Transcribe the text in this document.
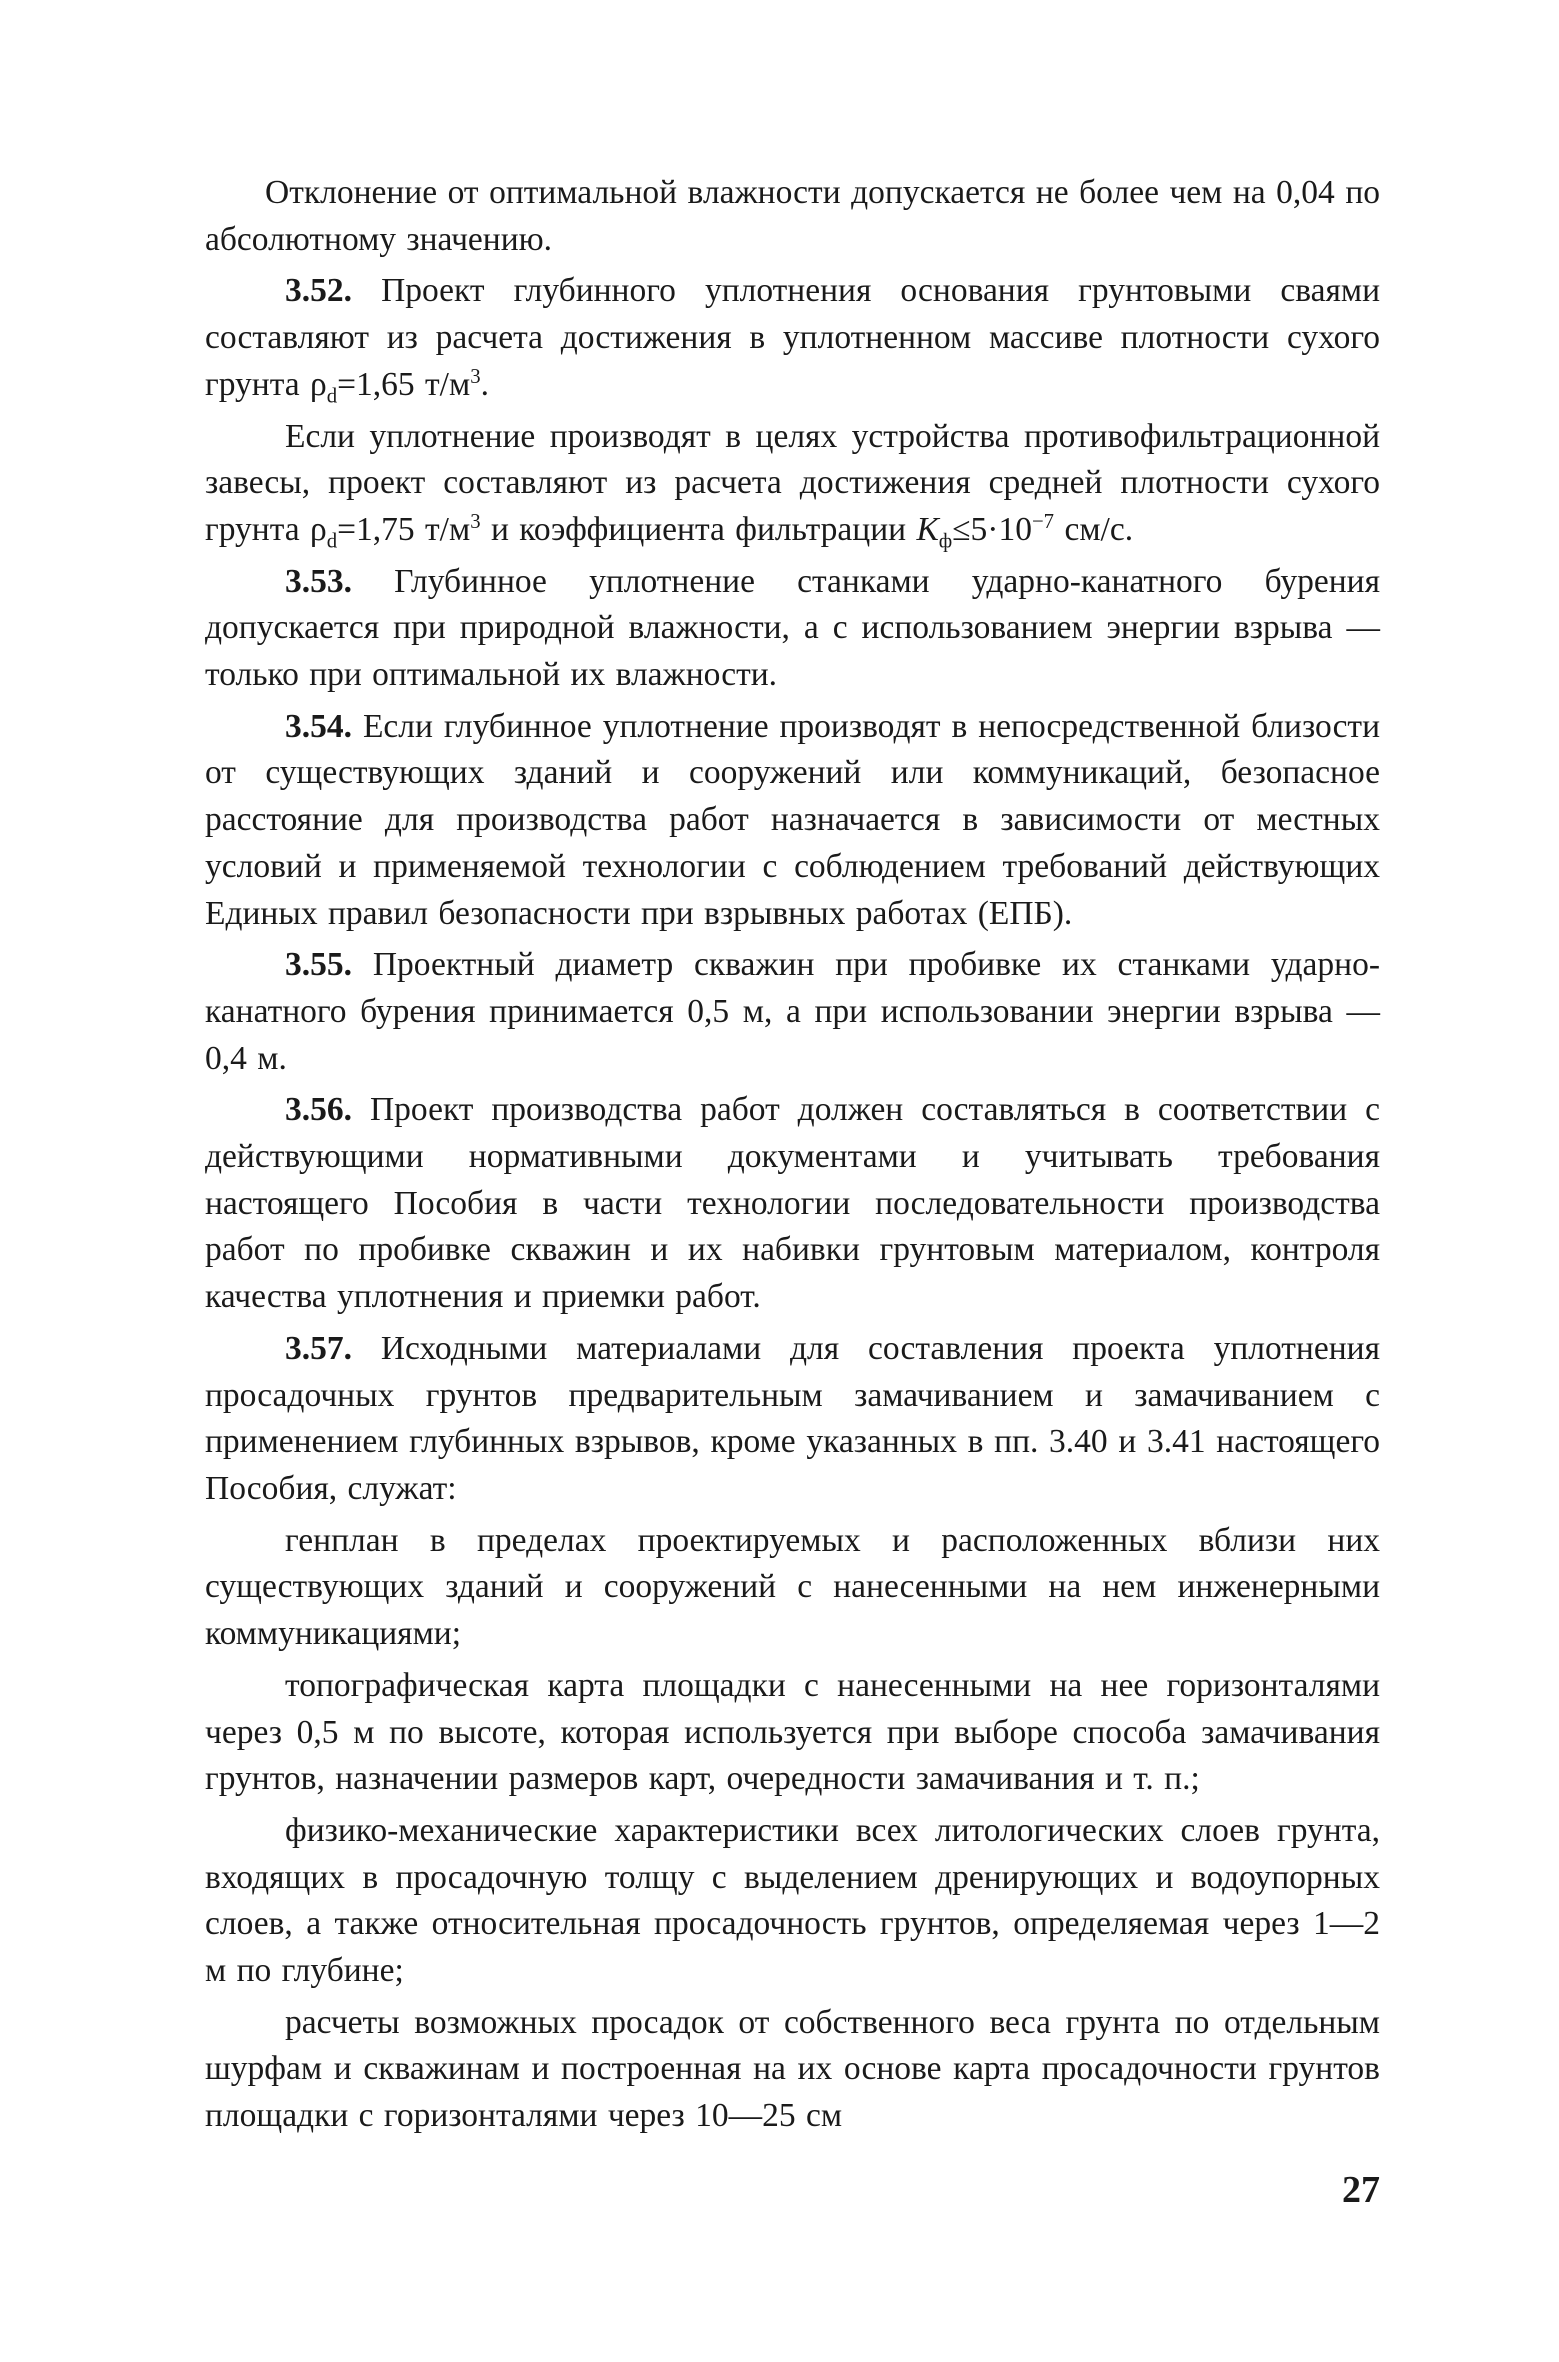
Отклонение от оптимальной влажности допускается не более чем на 0,04 по абсолютному значению.

3.52. Проект глубинного уплотнения основания грунтовыми сваями составляют из расчета достижения в уплотненном массиве плотности сухого грунта $\rho_d=1,65$ $т/м^3$.

Если уплотнение производят в целях устройства противофильтрационной завесы, проект составляют из расчета достижения средней плотности сухого грунта $\rho_d=1,75$ $т/м^3$ и коэффициента фильтрации $К_ф\le 5\cdot 10^{-7}$ см/с.

3.53. Глубинное уплотнение станками ударно-канатного бурения допускается при природной влажности, а с использованием энергии взрыва — только при оптимальной их влажности.

3.54. Если глубинное уплотнение производят в непосредственной близости от существующих зданий и сооружений или коммуникаций, безопасное расстояние для производства работ назначается в зависимости от местных условий и применяемой технологии с соблюдением требований действующих Единых правил безопасности при взрывных работах (ЕПБ).

3.55. Проектный диаметр скважин при пробивке их станками ударно-канатного бурения принимается 0,5 м, а при использовании энергии взрыва — 0,4 м.

3.56. Проект производства работ должен составляться в соответствии с действующими нормативными документами и учитывать требования настоящего Пособия в части технологии последовательности производства работ по пробивке скважин и их набивки грунтовым материалом, контроля качества уплотнения и приемки работ.

3.57. Исходными материалами для составления проекта уплотнения просадочных грунтов предварительным замачиванием и замачиванием с применением глубинных взрывов, кроме указанных в пп. 3.40 и 3.41 настоящего Пособия, служат:

генплан в пределах проектируемых и расположенных вблизи них существующих зданий и сооружений с нанесенными на нем инженерными коммуникациями;

топографическая карта площадки с нанесенными на нее горизонталями через 0,5 м по высоте, которая используется при выборе способа замачивания грунтов, назначении размеров карт, очередности замачивания и т. п.;

физико-механические характеристики всех литологических слоев грунта, входящих в просадочную толщу с выделением дренирующих и водоупорных слоев, а также относительная просадочность грунтов, определяемая через 1—2 м по глубине;

расчеты возможных просадок от собственного веса грунта по отдельным шурфам и скважинам и построенная на их основе карта просадочности грунтов площадки с горизонталями через 10—25 см

27
